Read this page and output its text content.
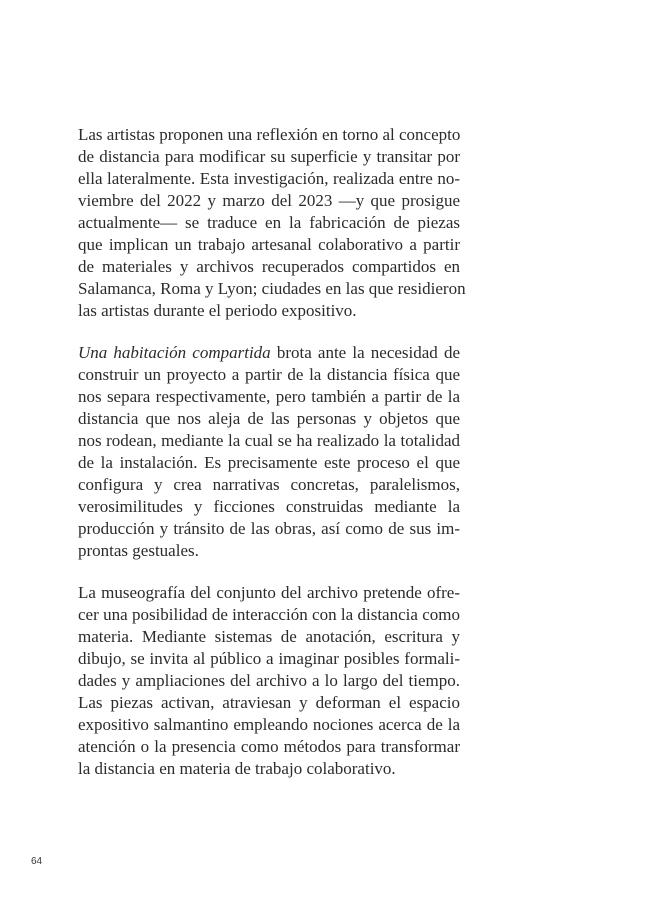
Las artistas proponen una reflexión en torno al concepto
de distancia para modificar su superficie y transitar por
ella lateralmente. Esta investigación, realizada entre no-
viembre del 2022 y marzo del 2023 —y que prosigue
actualmente— se traduce en la fabricación de piezas
que implican un trabajo artesanal colaborativo a partir
de materiales y archivos recuperados compartidos en
Salamanca, Roma y Lyon; ciudades en las que residieron
las artistas durante el periodo expositivo.

Una habitación compartida brota ante la necesidad de
construir un proyecto a partir de la distancia física que
nos separa respectivamente, pero también a partir de la
distancia que nos aleja de las personas y objetos que
nos rodean, mediante la cual se ha realizado la totalidad
de la instalación. Es precisamente este proceso el que
configura y crea narrativas concretas, paralelismos,
verosimilitudes y ficciones construidas mediante la
producción y tránsito de las obras, así como de sus im-
prontas gestuales.

La museografía del conjunto del archivo pretende ofre-
cer una posibilidad de interacción con la distancia como
materia. Mediante sistemas de anotación, escritura y
dibujo, se invita al público a imaginar posibles formali-
dades y ampliaciones del archivo a lo largo del tiempo.
Las piezas activan, atraviesan y deforman el espacio
expositivo salmantino empleando nociones acerca de la
atención o la presencia como métodos para transformar
la distancia en materia de trabajo colaborativo.

64
